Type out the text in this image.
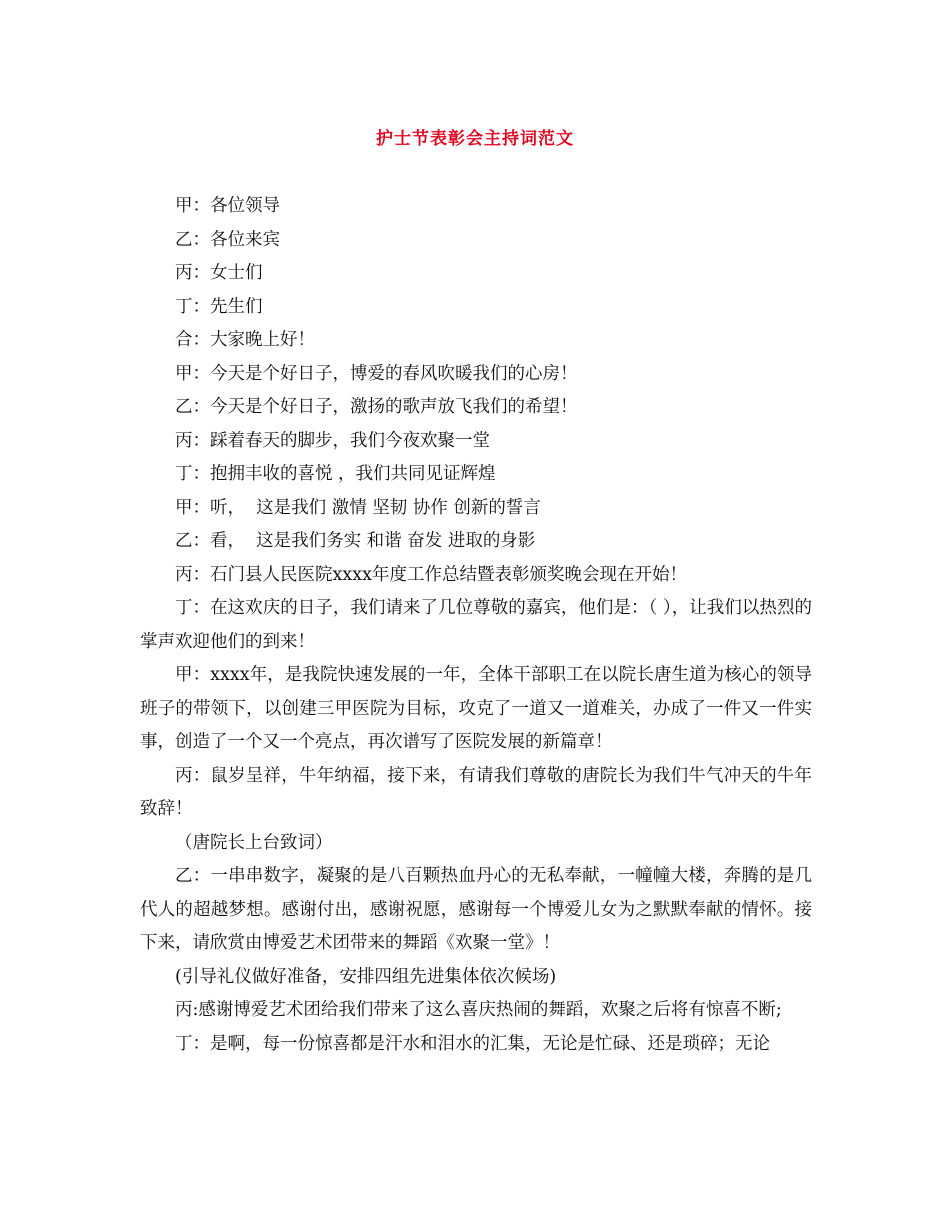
护士节表彰会主持词范文

甲：各位领导

乙：各位来宾

丙：女士们

丁：先生们

合：大家晚上好！

甲：今天是个好日子，博爱的春风吹暖我们的心房！

乙：今天是个好日子，激扬的歌声放飞我们的希望！

丙：踩着春天的脚步，我们今夜欢聚一堂

丁：抱拥丰收的喜悦 ，我们共同见证辉煌

甲：听，  这是我们 激情 坚韧 协作 创新的誓言

乙：看，  这是我们务实 和谐 奋发 进取的身影

丙：石门县人民医院xxxx年度工作总结暨表彰颁奖晚会现在开始！

丁：在这欢庆的日子，我们请来了几位尊敬的嘉宾，他们是：（ ），让我们以热烈的掌声欢迎他们的到来！

甲：xxxx年，是我院快速发展的一年，全体干部职工在以院长唐生道为核心的领导班子的带领下，以创建三甲医院为目标，攻克了一道又一道难关，办成了一件又一件实事，创造了一个又一个亮点，再次谱写了医院发展的新篇章！

丙：鼠岁呈祥，牛年纳福，接下来，有请我们尊敬的唐院长为我们牛气冲天的牛年致辞！

（唐院长上台致词）

乙：一串串数字，凝聚的是八百颗热血丹心的无私奉献，一幢幢大楼，奔腾的是几代人的超越梦想。感谢付出，感谢祝愿，感谢每一个博爱儿女为之默默奉献的情怀。接下来，请欣赏由博爱艺术团带来的舞蹈《欢聚一堂》！

(引导礼仪做好准备，安排四组先进集体依次候场)

丙:感谢博爱艺术团给我们带来了这么喜庆热闹的舞蹈，欢聚之后将有惊喜不断;

丁：是啊，每一份惊喜都是汗水和泪水的汇集，无论是忙碌、还是琐碎；无论
